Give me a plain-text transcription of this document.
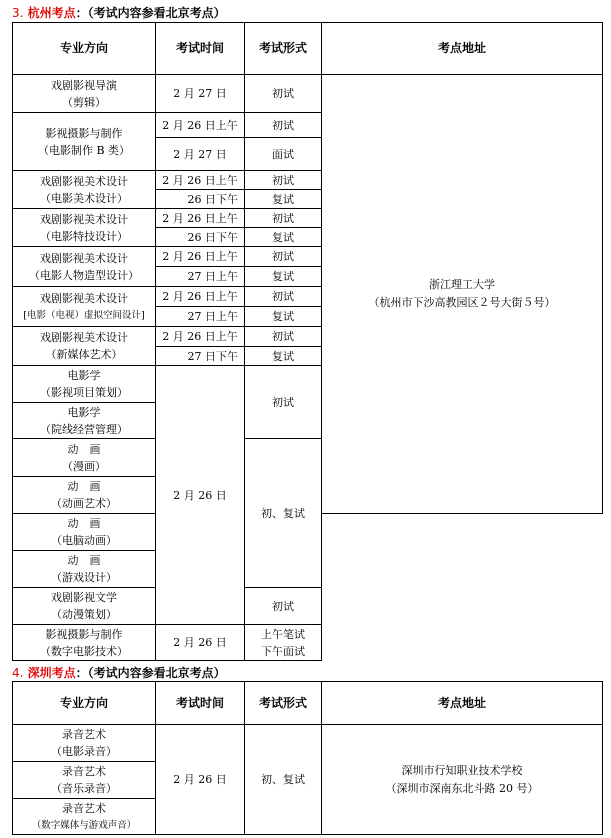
3. 杭州考点：（考试内容参看北京考点）
专业方向	考试时间	考试形式	考点地址

戏剧影视导演
（剪辑）	2 月 27 日	初试	浙江理工大学
（杭州市下沙高教园区２号大街５号）

影视摄影与制作
（电影制作 B 类）	2 月 26 日上午	初试	
	2 月 27 日	面试	

戏剧影视美术设计
（电影美术设计）	2 月 26 日上午	初试	
	26 日下午	复试	

戏剧影视美术设计
（电影特技设计）	2 月 26 日上午	初试	
	26 日下午	复试	

戏剧影视美术设计
（电影人物造型设计）	2 月 26 日上午	初试	
	27 日上午	复试	

戏剧影视美术设计
[电影（电视）虚拟空间设计]	2 月 26 日上午	初试	
	27 日上午	复试	

戏剧影视美术设计
（新媒体艺术）	2 月 26 日上午	初试	
	27 日下午	复试	

电影学
（影视项目策划）	2 月 26 日	初试	

电影学
（院线经营管理）			

动　画
（漫画）		初、复试	

动　画
（动画艺术）			

动　画
（电脑动画）			

动　画
（游戏设计）			

戏剧影视文学
（动漫策划）		初试	

影视摄影与制作
（数字电影技术）	2 月 26 日	上午笔试
下午面试	
4. 深圳考点：（考试内容参看北京考点）
专业方向	考试时间	考试形式	考点地址

录音艺术
（电影录音）	2 月 26 日	初、复试	深圳市行知职业技术学校
（深圳市深南东北斗路 20 号）

录音艺术
（音乐录音）			

录音艺术
（数字媒体与游戏声音）			
